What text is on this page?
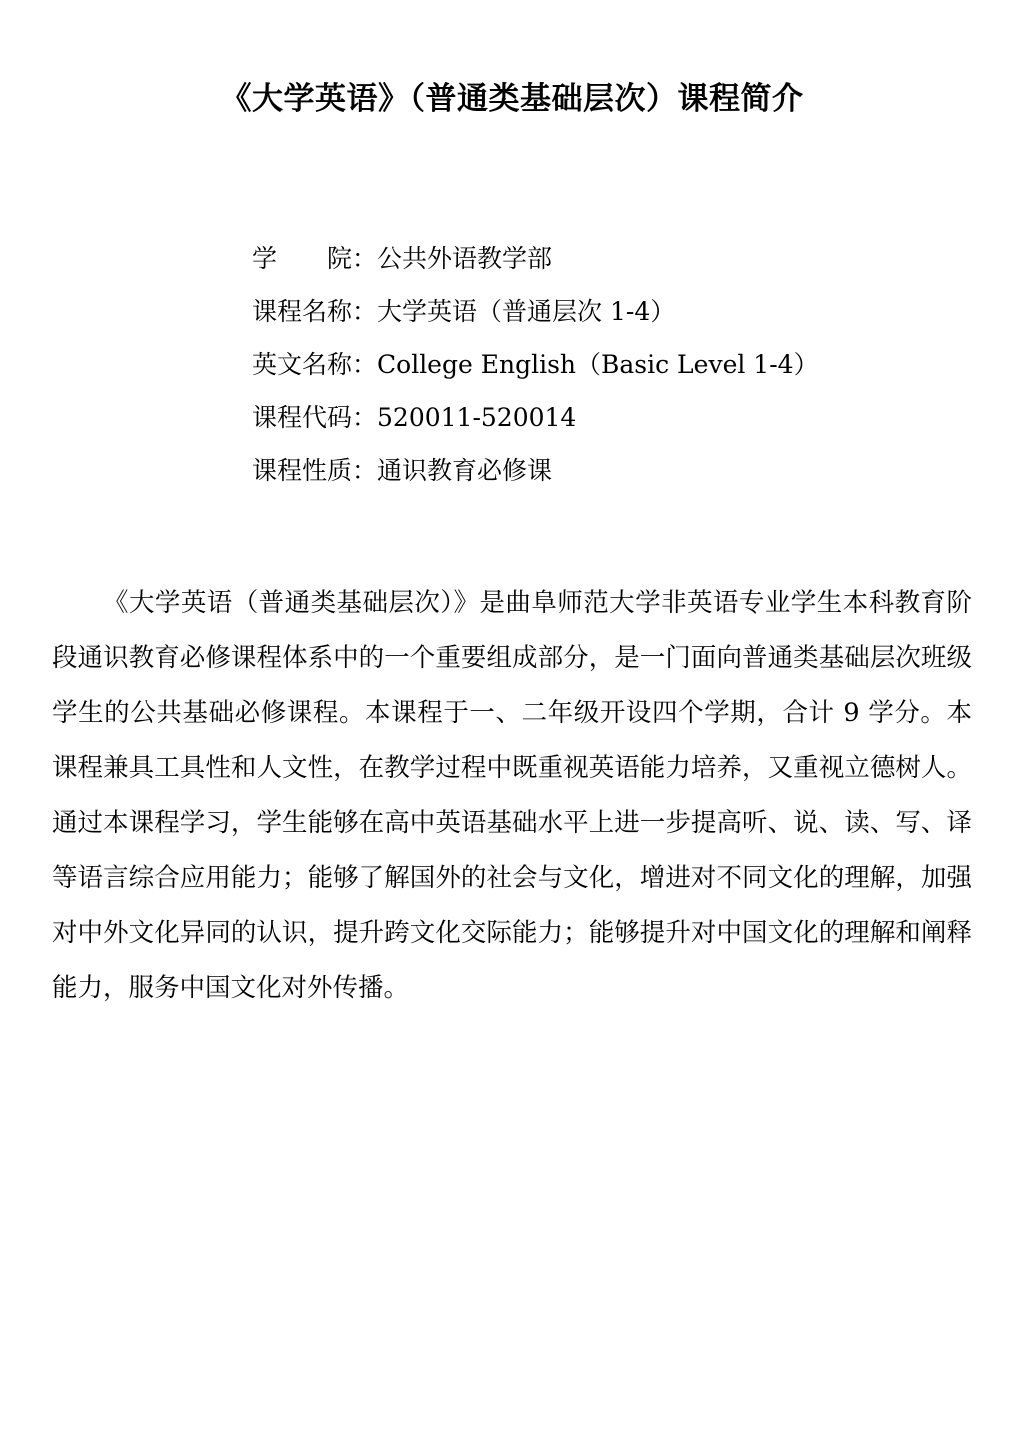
《大学英语》（普通类基础层次）课程简介
学　　院： 公共外语教学部
课程名称： 大学英语（普通层次 1-4）
英文名称： College English（Basic Level 1-4）
课程代码： 520011-520014
课程性质： 通识教育必修课

《大学英语（普通类基础层次）》是曲阜师范大学非英语专业学生本科教育阶段通识教育必修课程体系中的一个重要组成部分，是一门面向普通类基础层次班级学生的公共基础必修课程。本课程于一、二年级开设四个学期，合计 9 学分。本课程兼具工具性和人文性，在教学过程中既重视英语能力培养，又重视立德树人。通过本课程学习，学生能够在高中英语基础水平上进一步提高听、说、读、写、译等语言综合应用能力；能够了解国外的社会与文化，增进对不同文化的理解，加强对中外文化异同的认识，提升跨文化交际能力；能够提升对中国文化的理解和阐释能力，服务中国文化对外传播。
